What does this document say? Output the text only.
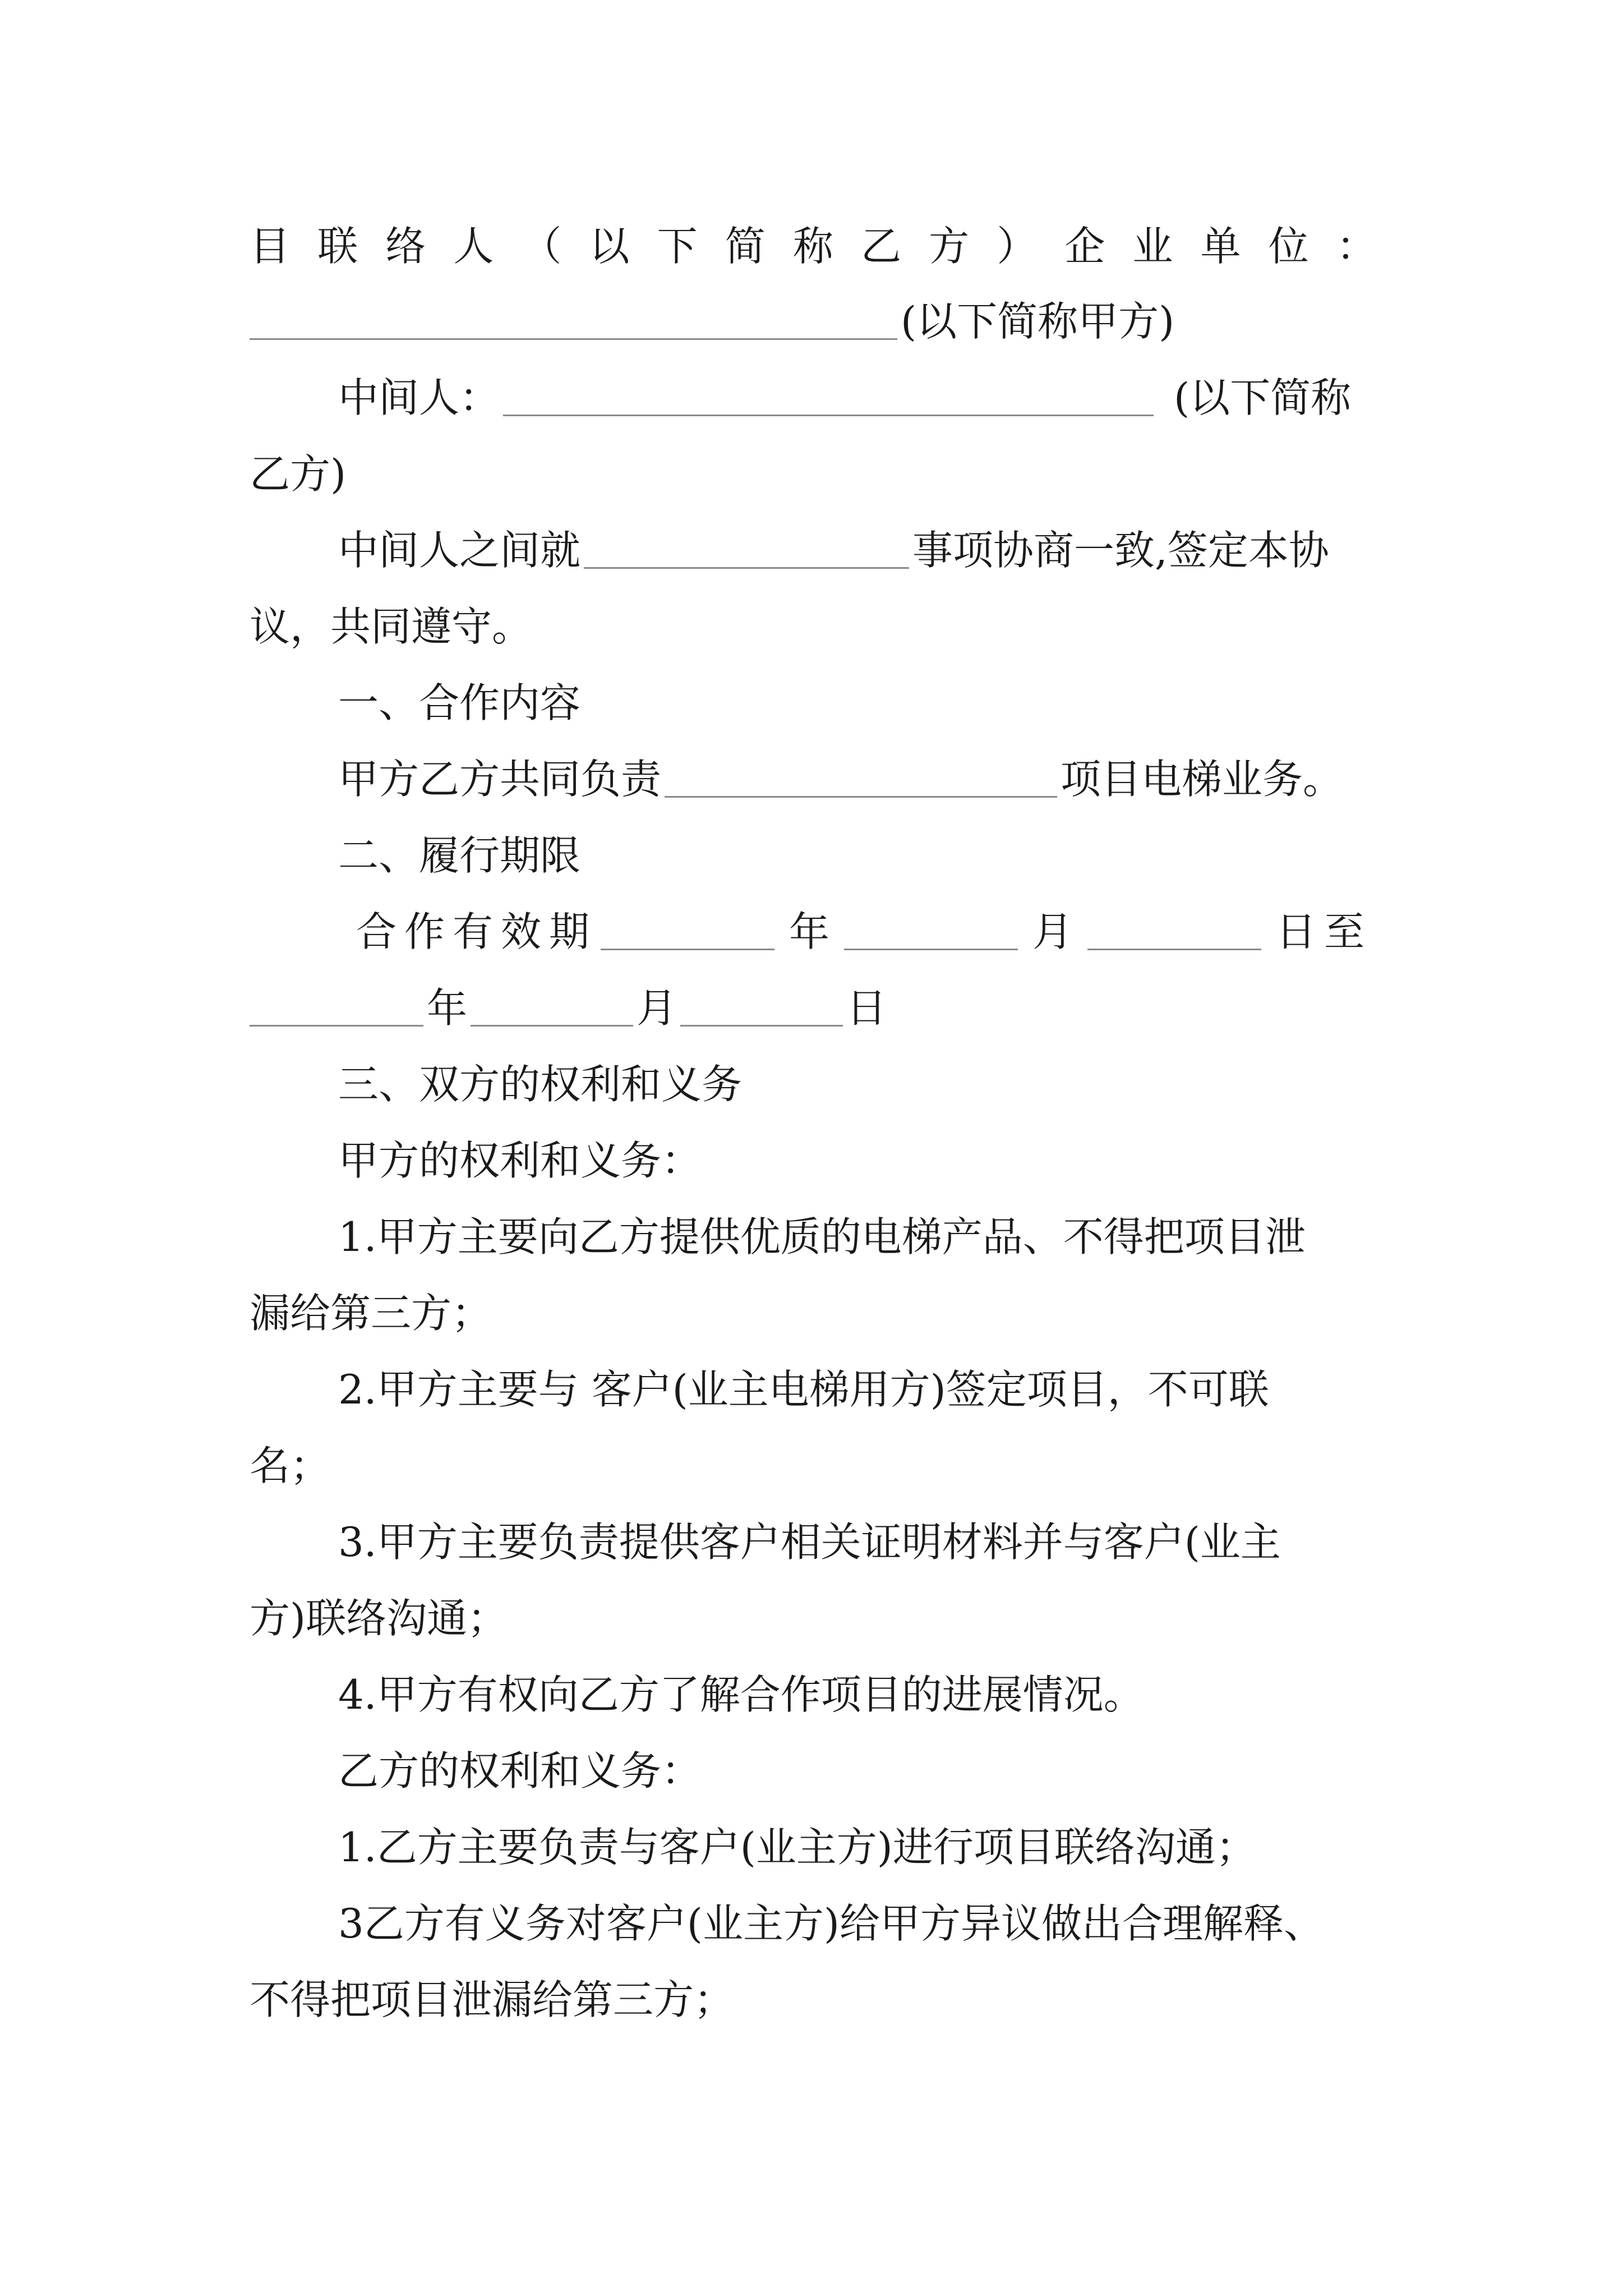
目 联 络 人 （ 以 下 简 称 乙 方 ） 企 业 单 位 ：
(以下简称甲方)
中间人：	(以下简称
乙方)
中间人之间就	事项协商一致,签定本协
议，共同遵守。
一、合作内容
甲方乙方共同负责	项目电梯业务。
二、履行期限
合作有效期	年	月	日至
年	月	日
三、双方的权利和义务
甲方的权利和义务：
1.甲方主要向乙方提供优质的电梯产品、不得把项目泄
漏给第三方；
2.甲方主要与 客户(业主电梯用方)签定项目，不可联
名；
3.甲方主要负责提供客户相关证明材料并与客户(业主
方)联络沟通；
4.甲方有权向乙方了解合作项目的进展情况。
乙方的权利和义务：
1.乙方主要负责与客户(业主方)进行项目联络沟通；
3乙方有义务对客户(业主方)给甲方异议做出合理解释、
不得把项目泄漏给第三方；
